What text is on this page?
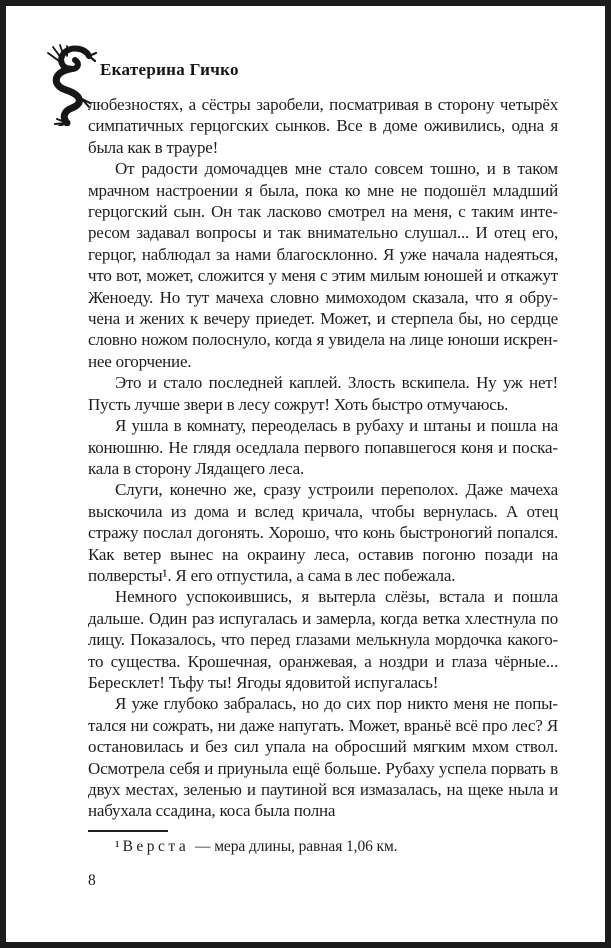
Екатерина Гичко

любезностях, а сёстры заробели, посматривая в сторону четырёх симпатичных герцогских сынков. Все в доме оживились, одна я была как в трауре!

От радости домочадцев мне стало совсем тошно, и в таком мрачном настроении я была, пока ко мне не подошёл младший герцогский сын. Он так ласково смотрел на меня, с таким интересом задавал вопросы и так внимательно слушал... И отец его, герцог, наблюдал за нами благосклонно. Я уже начала надеяться, что вот, может, сложится у меня с этим милым юношей и откажут Женоеду. Но тут мачеха словно мимоходом сказала, что я обручена и жених к вечеру приедет. Может, и стерпела бы, но сердце словно ножом полоснуло, когда я увидела на лице юноши искреннее огорчение.

Это и стало последней каплей. Злость вскипела. Ну уж нет! Пусть лучше звери в лесу сожрут! Хоть быстро отмучаюсь.

Я ушла в комнату, переоделась в рубаху и штаны и пошла на конюшню. Не глядя оседлала первого попавшегося коня и поскакала в сторону Лядащего леса.

Слуги, конечно же, сразу устроили переполох. Даже мачеха выскочила из дома и вслед кричала, чтобы вернулась. А отец стражу послал догонять. Хорошо, что конь быстроногий попался. Как ветер вынес на окраину леса, оставив погоню позади на полверсты¹. Я его отпустила, а сама в лес побежала.

Немного успокоившись, я вытерла слёзы, встала и пошла дальше. Один раз испугалась и замерла, когда ветка хлестнула по лицу. Показалось, что перед глазами мелькнула мордочка какого-то существа. Крошечная, оранжевая, а ноздри и глаза чёрные... Бересклет! Тьфу ты! Ягоды ядовитой испугалась!

Я уже глубоко забралась, но до сих пор никто меня не попытался ни сожрать, ни даже напугать. Может, враньё всё про лес? Я остановилась и без сил упала на обросший мягким мхом ствол. Осмотрела себя и приуныла ещё больше. Рубаху успела порвать в двух местах, зеленью и паутиной вся измазалась, на щеке ныла и набухала ссадина, коса была полна

¹ Верста — мера длины, равная 1,06 км.
8
